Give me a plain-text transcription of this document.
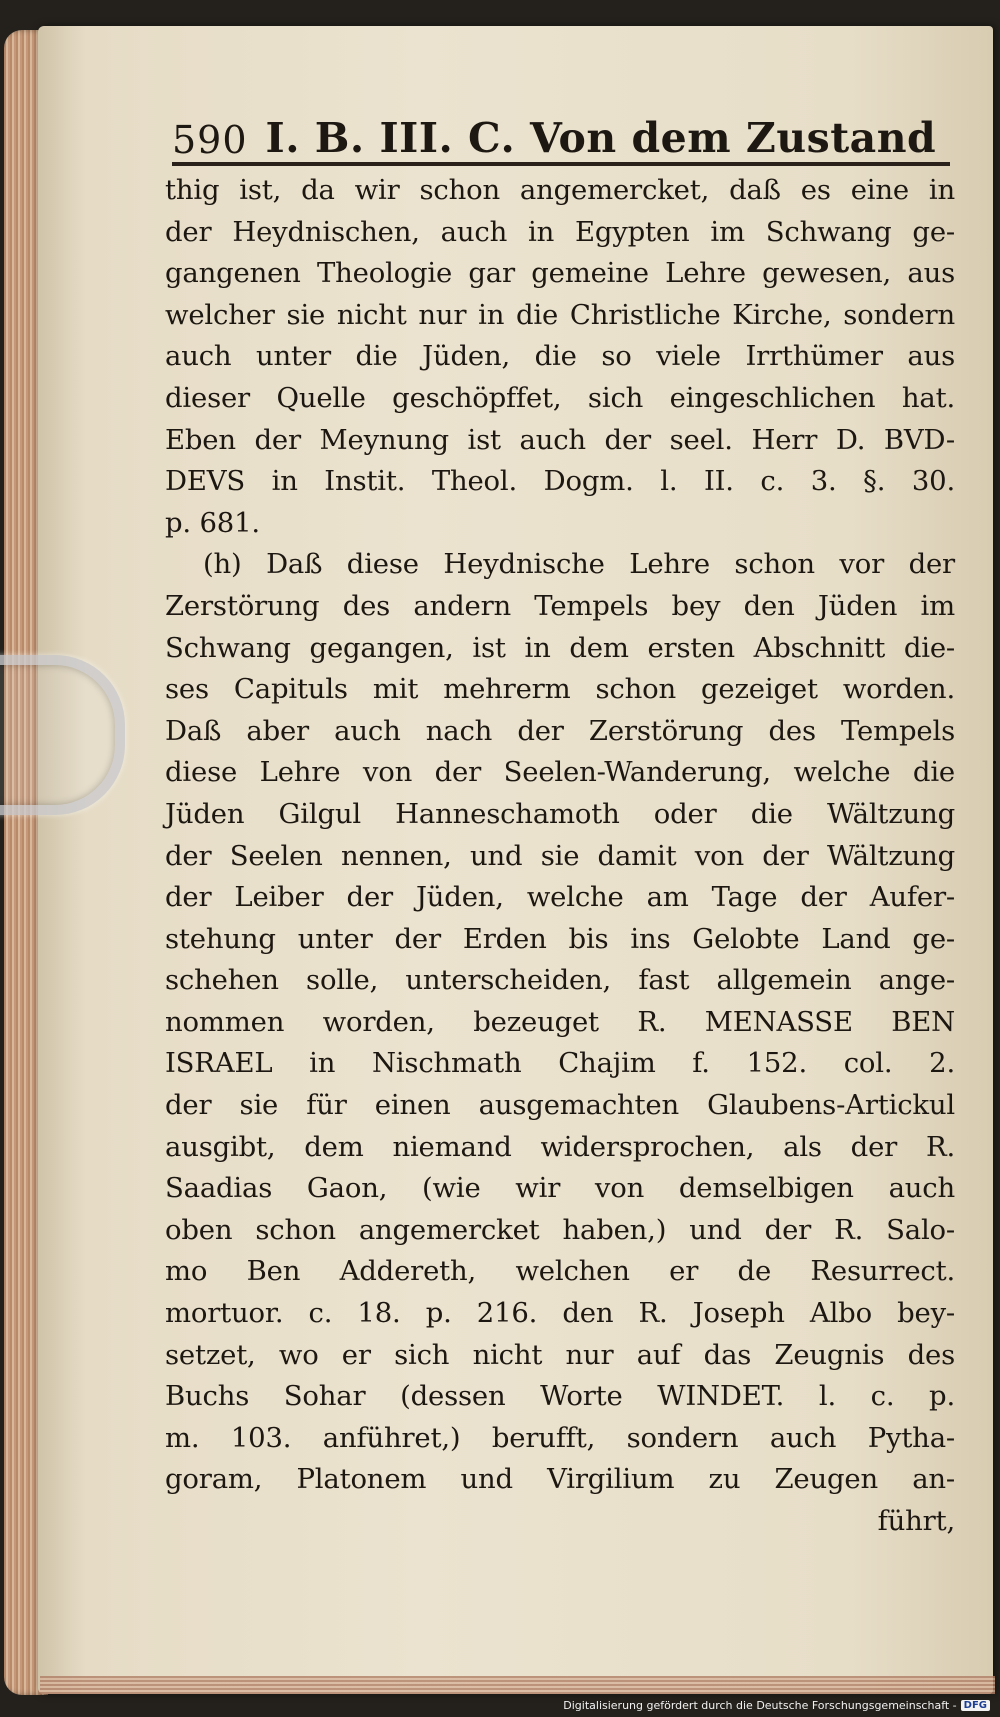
590 I. B. III. C. Von dem Zustand
thig ist, da wir schon angemercket, daß es eine in
der Heydnischen, auch in Egypten im Schwang ge-
gangenen Theologie gar gemeine Lehre gewesen, aus
welcher sie nicht nur in die Christliche Kirche, sondern
auch unter die Jüden, die so viele Irrthümer aus
dieser Quelle geschöpffet, sich eingeschlichen hat.
Eben der Meynung ist auch der seel. Herr D. BVD-
DEVS in Instit. Theol. Dogm. l. II. c. 3. §. 30.
p. 681.
(h) Daß diese Heydnische Lehre schon vor der
Zerstörung des andern Tempels bey den Jüden im
Schwang gegangen, ist in dem ersten Abschnitt die-
ses Capituls mit mehrerm schon gezeiget worden.
Daß aber auch nach der Zerstörung des Tempels
diese Lehre von der Seelen-Wanderung, welche die
Jüden Gilgul Hanneschamoth oder die Wältzung
der Seelen nennen, und sie damit von der Wältzung
der Leiber der Jüden, welche am Tage der Aufer-
stehung unter der Erden bis ins Gelobte Land ge-
schehen solle, unterscheiden, fast allgemein ange-
nommen worden, bezeuget R. MENASSE BEN
ISRAEL in Nischmath Chajim f. 152. col. 2.
der sie für einen ausgemachten Glaubens-Artickul
ausgibt, dem niemand widersprochen, als der R.
Saadias Gaon, (wie wir von demselbigen auch
oben schon angemercket haben,) und der R. Salo-
mo Ben Addereth, welchen er de Resurrect.
mortuor. c. 18. p. 216. den R. Joseph Albo bey-
setzet, wo er sich nicht nur auf das Zeugnis des
Buchs Sohar (dessen Worte WINDET. l. c. p.
m. 103. anführet,) berufft, sondern auch Pytha-
goram, Platonem und Virgilium zu Zeugen an-
führt,
Digitalisierung gefördert durch die Deutsche Forschungsgemeinschaft - DFG
